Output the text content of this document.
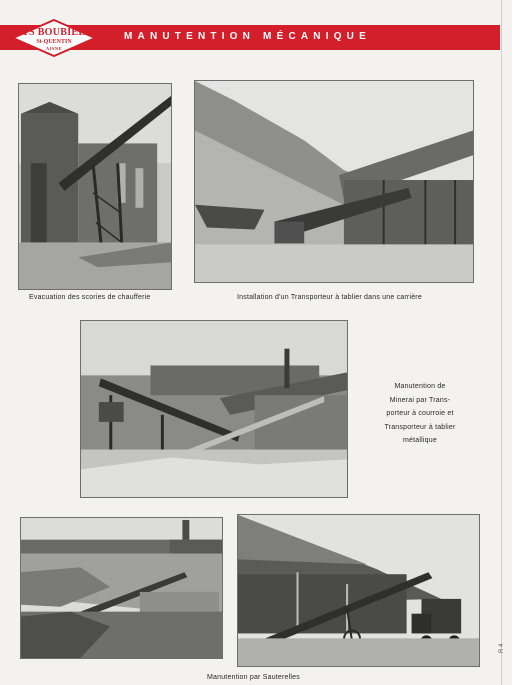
ETS BOUBIELA
St-QUENTIN
AISNE
MANUTENTION MÉCANIQUE
Evacuation des scories de chaufferie	Installation d'un Transporteur à tablier dans une carrière
Manutention de
Minerai par Trans-
porteur à courroie et
Transporteur à tablier
métallique
Manutention par Sauterelles
R 4
